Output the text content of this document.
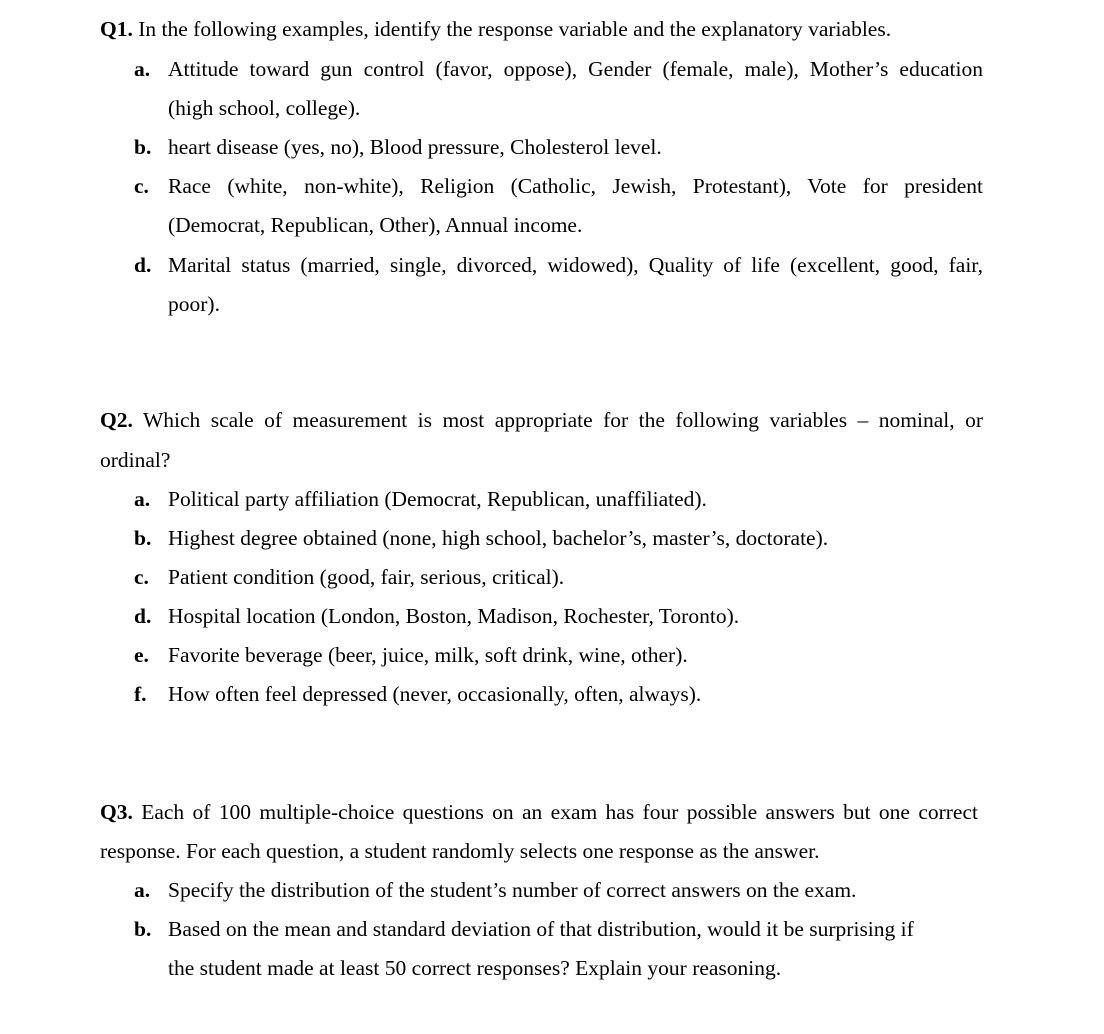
Q1. In the following examples, identify the response variable and the explanatory variables.
a. Attitude toward gun control (favor, oppose), Gender (female, male), Mother’s education
(high school, college).
b. heart disease (yes, no), Blood pressure, Cholesterol level.
c. Race (white, non-white), Religion (Catholic, Jewish, Protestant), Vote for president
(Democrat, Republican, Other), Annual income.
d. Marital status (married, single, divorced, widowed), Quality of life (excellent, good, fair,
poor).
Q2. Which scale of measurement is most appropriate for the following variables – nominal, or
ordinal?
a. Political party affiliation (Democrat, Republican, unaffiliated).
b. Highest degree obtained (none, high school, bachelor’s, master’s, doctorate).
c. Patient condition (good, fair, serious, critical).
d. Hospital location (London, Boston, Madison, Rochester, Toronto).
e. Favorite beverage (beer, juice, milk, soft drink, wine, other).
f. How often feel depressed (never, occasionally, often, always).
Q3. Each of 100 multiple-choice questions on an exam has four possible answers but one correct
response. For each question, a student randomly selects one response as the answer.
a. Specify the distribution of the student’s number of correct answers on the exam.
b. Based on the mean and standard deviation of that distribution, would it be surprising if
the student made at least 50 correct responses? Explain your reasoning.
